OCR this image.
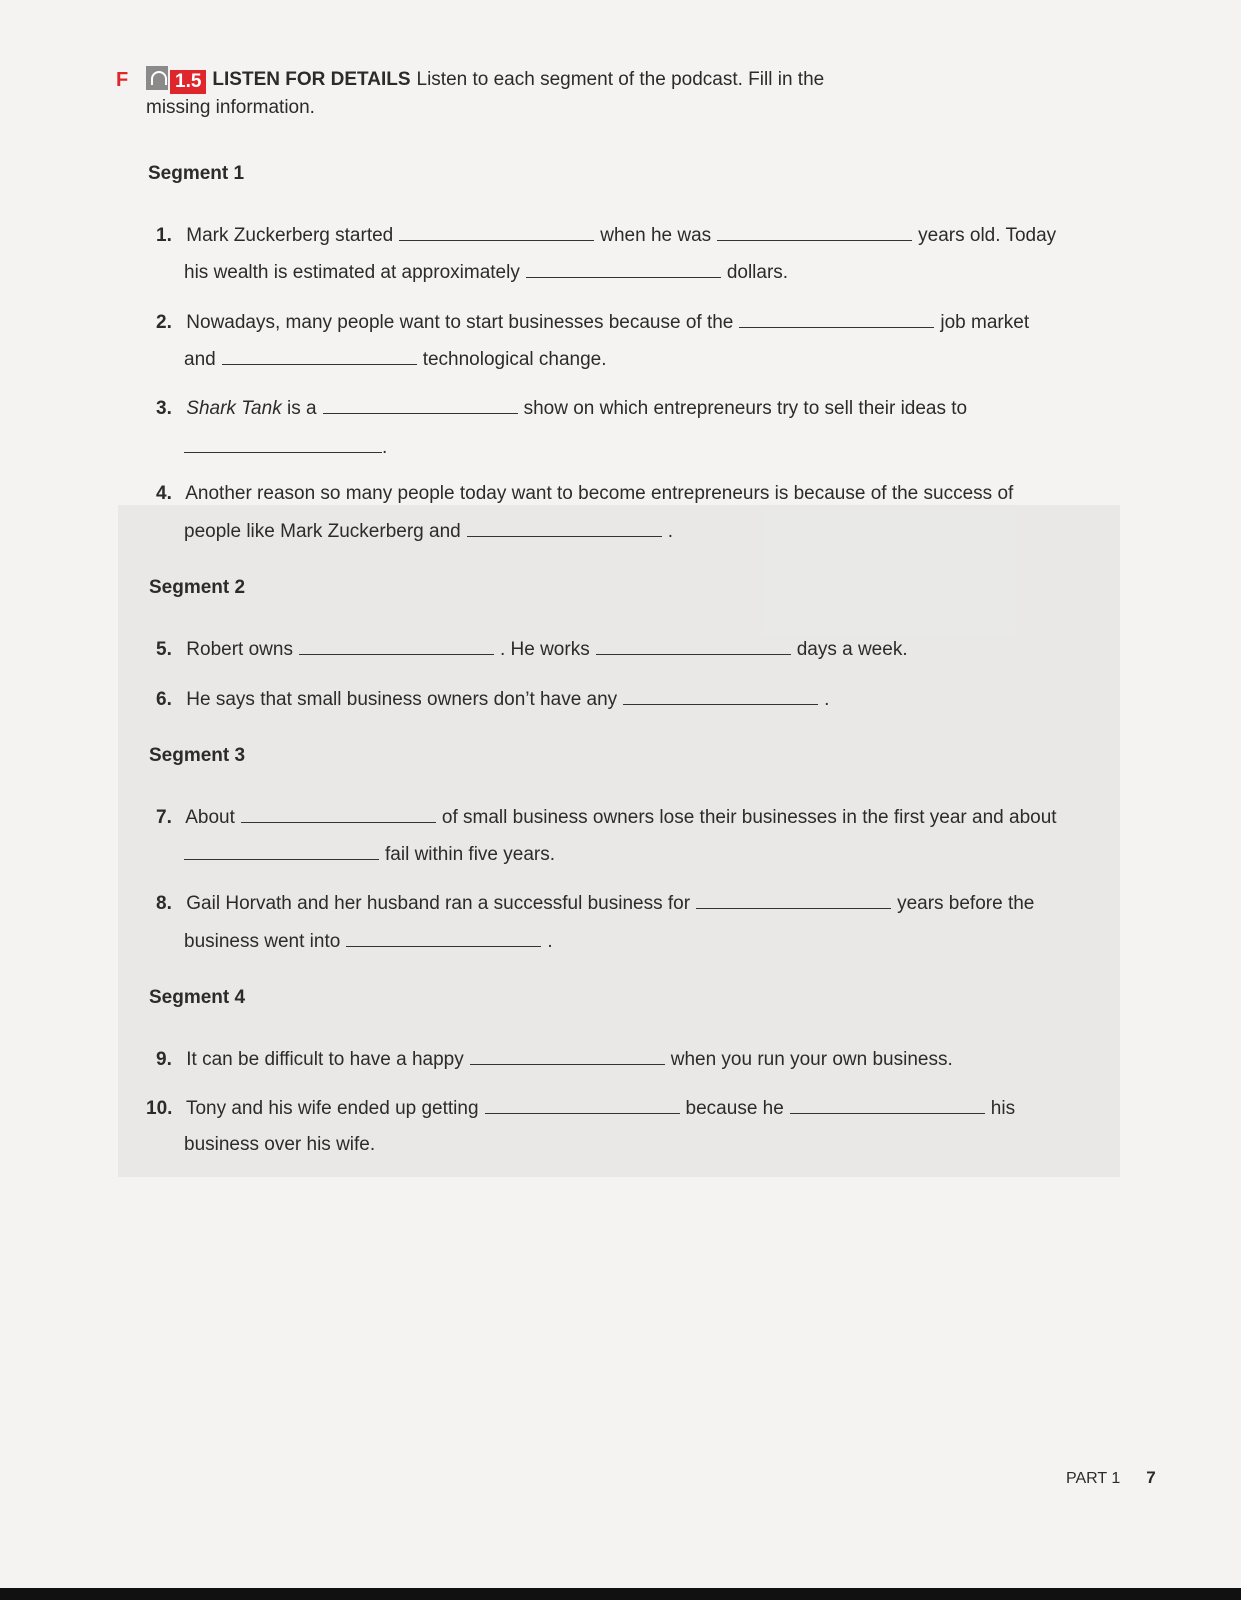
F	1.5 LISTEN FOR DETAILS Listen to each segment of the podcast. Fill in the
missing information.
Segment 1
1. Mark Zuckerberg started	when he was	years old. Today
his wealth is estimated at approximately	dollars.
2. Nowadays, many people want to start businesses because of the	job market
and	technological change.
3. Shark Tank is a	show on which entrepreneurs try to sell their ideas to
.
4. Another reason so many people today want to become entrepreneurs is because of the success of
people like Mark Zuckerberg and	.
Segment 2
5. Robert owns	. He works	days a week.
6. He says that small business owners don’t have any	.
Segment 3
7. About	of small business owners lose their businesses in the first year and about
fail within five years.
8. Gail Horvath and her husband ran a successful business for	years before the
business went into	.
Segment 4
9. It can be difficult to have a happy	when you run your own business.
10. Tony and his wife ended up getting	because he	his
business over his wife.
PART 1 7
